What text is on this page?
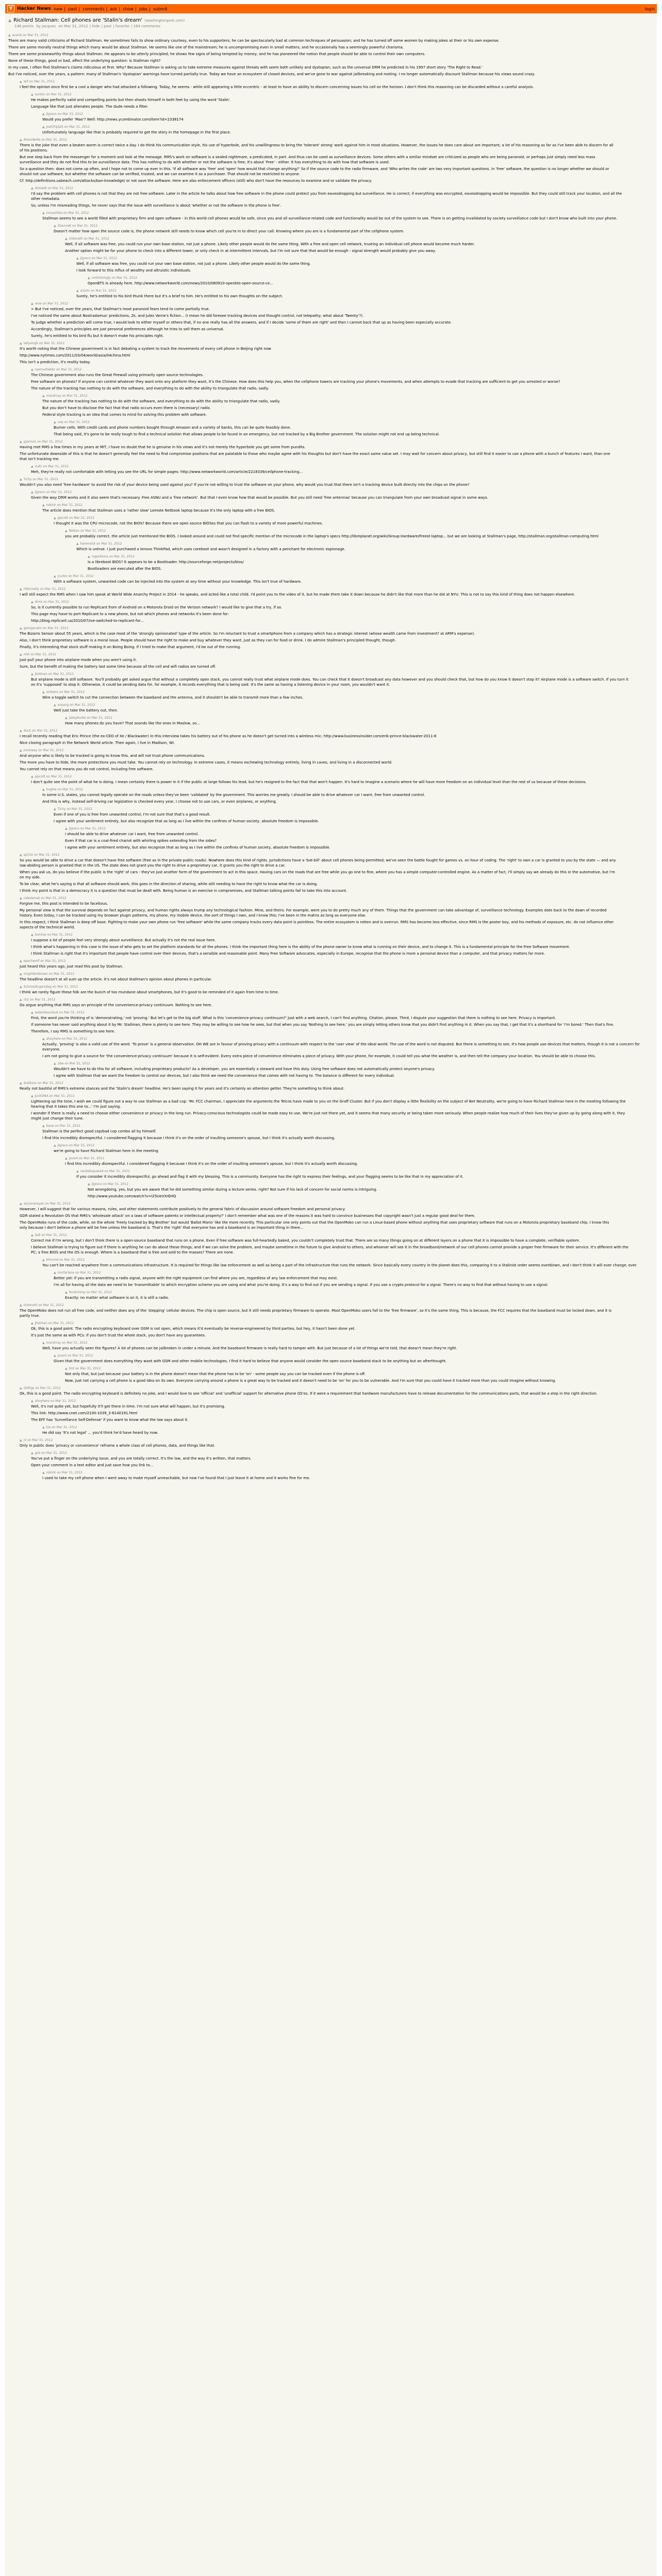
Y Hacker News new | past | comments | ask | show | jobs | submit	login
▲ Richard Stallman: Cell phones are 'Stalin's dream' (washingtonpost.com)
146 points by jacques on Mar 31, 2012 | hide | past | favorite | 164 comments
▲ evanb on Mar 31, 2012

There are many valid criticisms of Richard Stallman. He sometimes fails to show ordinary courtesy, even to his supporters; he can be spectacularly bad at common techniques of persuasion; and he has turned off some women by making jokes at their or his own expense.

There are some morally neutral things which many would be about Stallman. He seems like one of the mainstream; he is uncompromising even in small matters; and he occasionally has a seemingly powerful charisma.

There are some praiseworthy things about Stallman. He appears to be utterly principled; he shows few signs of being tempted by money; and he has pioneered the notion that people should be able to control their own computers.

None of these things, good or bad, affect the underlying question: is Stallman right?

In my case, I often find Stallman's claims ridiculous at first. Why? Because Stallman is asking us to take extreme measures against threats with seem both unlikely and dystopian, such as the universal DRM he predicted in his 1997 short story 'The Right to Read.'

But I've noticed, over the years, a pattern: many of Stallman's 'dystopian' warnings have turned partially true. Today we have an ecosystem of closed devices, and we've gone to war against jailbreaking and rooting. I no longer automatically discount Stallman because his views sound crazy.

▲ leif on Mar 31, 2012

I feel the opinion once first be a cool a danger who had attacked a following. Today, he seems - while still appearing a little eccentric - at least to have an ability to discern concerning issues his cell on the horizon. I don't think this reasoning can be discarded without a careful analysis.

▲ sunkin on Mar 31, 2012

He makes perfectly valid and compelling points but then shoots himself in both feet by using the word 'Stalin'.

Language like that just alienates people. The dude needs a filter.

▲ jlgreco on Mar 31, 2012

Would you prefer 'Mao'? Well: http://news.ycombinator.com/item?id=2338174

▲ JoshTriplett on Mar 31, 2012

Unfortunately language like that is probably required to get the story in the homepage in the first place.

▲ AlisonBelle on Mar 31, 2012

There is the joke that even a beaten worm is correct twice a day. I do think his communication style, his use of hyperbole, and his unwillingness to bring the 'tolerant' strong' work against him in most situations. However, the issues he does care about are important; a lot of his reasoning as far as I've been able to discern for all of his positions.

But one step back from the messenger for a moment and look at the message. RMS's work on software is a sealed nightmare, a predicated, in part. And thus can be used as surveillance devices. Some others with a similar mindset are criticized as people who are being paranoid, or perhaps just simply need less mass surveillance and they do not find this to be surveillance data. This has nothing to do with whether or not the software is free; it's about 'Free' - either. It has everything to do with how that software is used.

So a question then: does not come up often, and I hope not to come up ever in this. 'If all software was 'free' and 'open' how would that change anything?' So if the source code to the radio firmware, and 'Who writes the code' are two very important questions. In 'free' software, the question is no longer whether we should or should not use software, but whether the software can be verified, trusted, and we can examine it as a purchaser. That should not be restricted to anyone.

Cf. http://definitions.usbeach.com/attacks/ban-knowledge/ or not save the software. Here are also enforcement officers (still) who don't have the resources to examine and or validate the privacy.

▲ dctoedt on Mar 31, 2012

I'd say the problem with cell phones is not that they are not free software. Later in the article he talks about how free software in the phone could protect you from eavesdropping but surveillance. He is correct; if everything was encrypted, eavesdropping would be impossible. But they could still track your location, and all the other metadata.

So, unless I'm misreading things, he never says that the issue with surveillance is about 'whether or not the software in the phone is free'.

▲ tonyarkles on Mar 31, 2012

Stallman seems to see a world filled with proprietary firm and open software - in this world cell phones would be safe, since you and all surveillance-related code and functionality would be out of the system to see. There is on getting invalidated by society surveillance code but I don't know who built into your phone.

▲ StavrosK on Mar 31, 2012

Doesn't matter how open the source code is, the phone network still needs to know which cell you're in to direct your call. Knowing where you are is a fundamental part of the cellphone system.

▲ ctdonath on Mar 31, 2012

Well, if all software was free, you could run your own base station, not just a phone. Likely other people would do the same thing. With a free and open cell network, trusting an individual cell phone would become much harder.

Another option might be for your phone to check into a different tower, or only check in at intermittent intervals, but I'm not sure that that would be enough - signal strength would probably give you away.

▲ jlgreco on Mar 31, 2012

Well, if all software was free, you could run your own base station, not just a phone. Likely other people would do the same thing.

I look forward to this influx of wealthy and altruistic individuals.

▲ unthinkingly on Mar 31, 2012

OpenBTS is already here. http://www.networkworld.com/news/2010/080910-openbts-open-source-ce...

▲ a1k0n on Mar 31, 2012

Surely, he's entitled to his bird thunk there but it's a brief to him. He's entitled to his own thoughts on the subject.

▲ moe on Mar 31, 2012

> But I've noticed, over the years, that Stallman's most paranoid fears tend to come partially true.

I've noticed the same about Nostradamus' predictions, 2k, and Jules Verne's fiction... (I mean he did foresee tracking devices and thought control, not telepathy; what about 'Twenty'?).

To judge whether a prediction will come true, I would look to either myself or others that, if no one really has all the answers, and if I decide 'some of them are right' and then I cannot back that up as having been especially accurate.

Accordingly, Stallman's principles are just personal preferences although he tries to sell them as universal.

Surely, he's entitled to his bird flu but it doesn't make his principles right.

▲ lallysingh on Mar 31, 2012

It's worth noting that the Chinese government is in fact debating a system to track the movements of every cell phone in Beijing right now

http://www.nytimes.com/2011/03/04/world/asia/04china.html

This isn't a prediction, it's reality today.

▲ rasmusfabler on Mar 31, 2012

The Chinese government also runs the Great Firewall using primarily open source technologies.

Free software on phones? If anyone can control whatever they want onto any platform they want, it's the Chinese. How does this help you, when the cellphone towers are tracking your phone's movements, and when attempts to evade that tracking are sufficient to get you arrested or worse?

The nature of the tracking has nothing to do with the software, and everything to do with the ability to triangulate that radio, sadly.

▲ marshray on Mar 31, 2012

The nature of the tracking has nothing to do with the software, and everything to do with the ability to triangulate that radio, sadly.

But you don't have to disclose the fact that that radio occurs even there is (necessary) radio.

Federal style tracking is an idea that comes to mind for solving this problem with software.

▲ uxp on Mar 31, 2012

Burner cells. With credit cards and phone numbers bought through Amazon and a variety of banks, this can be quite feasibly done.

That being said, it's gone to be really tough to find a technical solution that allows people to be found in an emergency, but not tracked by a Big Brother government. The solution might not end up being technical.

▲ jgarmon on Mar 31, 2012

Having met RMS a few times in my years at MIT, I have no doubt that he is genuine in his views and it's not merely the hyperbole you get some from pundits.

The unfortunate downside of this is that he doesn't generally feel the need to find compromise positions that are palatable to those who maybe agree with his thoughts but don't have the exact same value set. I may wait for concern about privacy, but still find it easier to use a phone with a bunch of features I want, than one that isn't tracking me.

▲ nullc on Mar 31, 2012

Meh, they're really not comfortable with letting you see the URL for simple pages: http://www.networkworld.com/article/2218339/cellphone-tracking...

▲ Tichy on Mar 31, 2012

Wouldn't you also need 'free hardware' to avoid the risk of your device being used against you? If you're not willing to trust the software on your phone, why would you trust that there isn't a tracking device built directly into the chips on the phone?

▲ jlgreco on Mar 31, 2012

Given the way DRM works and it also seem that's necessary. Free ASNU and a 'free network'. But that I even know how that would be possible. But you still need 'free antennas' because you can triangulate from your own broadcast signal in some ways.

▲ robinh on Mar 31, 2012

The article does mention that Stallman uses a 'rather slow' Lemote Netbook laptop because it's the only laptop with a free BIOS.

▲ pjscott on Mar 31, 2012

I thought it was the CPU microcode, not the BIOS? Because there are open source BIOSes that you can flash to a variety of more powerful machines.

▲ Nelson on Mar 31, 2012

you are probably correct. the article just mentioned the BIOS. I looked around and could not find specific mention of the microcode in the laptop's specs http://libreplanet.org/wiki/Group:Hardware/Freest-laptop... but we are looking at Stallman's page, http://stallman.org/stallman-computing.html

▲ hammock on Mar 31, 2012

Which is untrue. I just purchased a lenovo ThinkPad, which uses coreboot and wasn't designed in a factory with a penchant for electronic espionage.

▲ rogerbinns on Mar 31, 2012

Is a libreboot BIOS? It appears to be a Bootloader. http://sourceforge.net/projects/bios/

Bootloaders are executed after the BIOS.

▲ jcurbo on Mar 31, 2012

With a software system, unwanted code can be injected into the system at any time without your knowledge. This isn't true of hardware.

▲ rfdonnelly on Mar 31, 2012

I will still expect the RMS when I saw him speak at World Wide Anarchy Project in 2014 - he speaks, and acted like a total child. I'd point you to the video of it, but he made them take it down because he didn't like that more than he did at NYU. This is not to say this kind of thing does not happen elsewhere.

▲ dmix on Mar 31, 2012

So, is it currently possible to run Replicant from of Android on a Motorola Droid on the Verizon network? I would like to give that a try, if so.

This page may have to port Replicant to a new phone, but not which phones and networks it's been done for:

http://blog.replicant.us/2010/07/ive-switched-to-replicant-for...

▲ georgecalm on Mar 31, 2012

The Bizarro Sensor about 55 years, which is the case most of the 'strongly opinionated' type of the article. So I'm reluctant to trust a smartphone from a company which has a strategic interest (whose wealth came from investment? at ARM's expense).

Also, I don't think proprietary software is a moral issue. People should have the right to make and buy whatever they want, just as they can for food or drink. I do admire Stallman's principled thought, though.

Finally, it's interesting that stock stuff making it on Boing Boing. If I tried to make that argument, I'd be out of the running.

▲ mth on Mar 31, 2012

Just pull your phone into airplane mode when you aren't using it.

Sure, but the benefit of making the battery last some time because all the cell and wifi radios are turned off.

▲ jholman on Mar 31, 2012

But airplane mode is still software. You'll probably get asked argue that without a completely open stack, you cannot really trust what airplane mode does. You can check that it doesn't broadcast any data however and you should check that, but how do you know it doesn't stop it? Airplane mode is a software switch. If you turn it on it's 'supposed' to stop it. Otherwise, it could be sending data for, for example, it records everything that is being said. It's the same as having a listening device in your room, you wouldn't want it.

▲ smbwrs on Mar 31, 2012

Wire a toggle switch to cut the connection between the baseband and the antenna, and it shouldn't be able to transmit more than a few inches.

▲ ezyang on Mar 31, 2012

Well just take the battery out, then.

▲ jakeyburke on Mar 31, 2012

How many phones do you have? That sounds like the ones in Maslow, so...

▲ duck on Mar 31, 2012

I recall recently reading that Eric Prince (the ex-CEO of Xe / Blackwater) in this interview takes his battery out of his phone as he doesn't get turned into a wireless mic: http://www.businessinsider.com/erik-prince-blackwater-2011-8

Nice closing paragraph in the Network World article. Then again, I live in Madison, WI.

▲ jrockway on Mar 31, 2012

And anyone who is likely to be tracked is going to know this, and will not trust phone communications.

The more you have to hide, the more protections you must take. You cannot rely on technology. In extreme cases, it means eschewing technology entirely, living in caves, and living in a disconnected world.

You cannot rely on that means you do not control, including free software.

▲ pjscott on Mar 31, 2012

I don't quite see the point of what he is doing. I mean certainly there is power in it if the public at large follows his lead, but he's resigned to the fact that that won't happen. It's hard to imagine a scenario where he will have more freedom on an individual level than the rest of us because of these decisions.

▲ hughw on Mar 31, 2012

In some U.S. states, you cannot legally operate on the roads unless they've been 'validated' by the government. This worries me greatly. I should be able to drive whatever car I want, free from unwanted control.

And this is why, instead self-driving car legislation is checked every year, I choose not to use cars, or even airplanes, or anything.

▲ Tichy on Mar 31, 2012

Even if one of you is free from unwanted control, I'm not sure that that's a good result.

I agree with your sentiment entirely, but also recognize that as long as I live within the confines of human society, absolute freedom is impossible.

▲ jlgreco on Mar 31, 2012

I should be able to drive whatever car I want, free from unwanted control.

Even if that car is a coal-fired chariot with whirling spikes extending from the sides?

I agree with your sentiment entirely, but also recognize that as long as I live within the confines of human society, absolute freedom is impossible.

▲ sp332 on Mar 31, 2012

So you would be able to drive a car that doesn't have free software (free as in the private public roads). Nowhere does this kind of rights. Jurisdictions have a 'bat-bill' about cell phones being permitted; we've seen the battle fought for games vs. an hour of coding. The 'right' to own a car is granted to you by the state — and any law-abiding person is granted that in the US. The state does not grant you the right to drive a proprietary car, it grants you the right to drive a car.

When you ask us, do you believe if the public is the 'right' of cars - they've just another form of the government to act in this space. Having cars on the roads that are free while you go one to fine, where you has a simple computer-controlled engine. As a matter of fact, I'll simply say we already do this in the automotive, but I'm on my side.

To be clear, what he's saying is that all software should work, this goes in the direction of sharing, while still needing to have the right to know what the car is doing.

I think my point is that in a democracy it is a question that must be dealt with. Being human is an exercise in compromises, and Stallman talking points fail to take this into account.

▲ cabalamat on Mar 31, 2012

Forgive me, this post is intended to be facetious.

My personal view is that the survival depends on fact against privacy, and human rights always trump any technological fashion. Mine, and theirs. For example, were you to do pretty much any of them. Things that the government can take advantage of, surveillance technology. Examples date back to the dawn of recorded history. Even today, I can be tracked using my browser plugin patterns, my phone, my mobile device, the sort of things I own, and I know this; I've been in the matrix as long as everyone else.

In this respect, I think Stallman is deep off base. Fighting to make your own phone run 'free software' while the same company tracks every data point is pointless. The entire ecosystem is rotten and is overrun. RMS has become less effective, since RMS is the poster boy, and his methods of exposure, etc. do not influence other aspects of the technical world.

▲ tomlow on Mar 31, 2012

I suppose a lot of people feel very strongly about surveillance. But actually it's not the real issue here.

I think what's happening in this case is the issue of who gets to set the platform standards for all the phones. I think the important thing here is the ability of the phone owner to know what is running on their device, and to change it. This is a fundamental principle for the Free Software movement.

I think Stallman is right that it's important that people have control over their devices, that's a sensible and reasonable point. Many Free Software advocates, especially in Europe, recognise that the phone is more a personal device than a computer, and that privacy matters far more.

▲ epochwolf on Mar 31, 2012

Just heard this years ago, just read this post by Stallman.

▲ mrgoldenbrown on Mar 31, 2012

The headline doesn't at all sum up the article. It's not about Stallman's opinion about phones in particular.

▲ Schroedingersdag on Mar 31, 2012

I think we rarely figure these folk are the bunch of too mundane about smartphones, but it's good to be reminded of it again from time to time.

▲ ck2 on Mar 31, 2012

Do argue anything that RMS says on principle of the convenience-privacy continuum. Nothing to see here.

▲ waterlesscloud on Mar 31, 2012

First, the word you're thinking of is 'demonstrating,' not 'proving.' But let's get to the big stuff. What is this 'convenience-privacy continuum?' Just with a web search, I can't find anything. Citation, please. Third, I dispute your suggestion that there is nothing to see here. Privacy is important.

If someone has never said anything about it by Mr. Stallman, there is plenty to see here. They may be willing to see how he sees, but that when you say 'Nothing to see here,' you are simply letting others know that you didn't find anything in it. When you say that, I get that it's a shorthand for 'I'm bored.' Then that's fine.

Therefore, I say RMS is something to see here.

▲ ahoyhere on Mar 31, 2012

Actually, 'proving' is also a valid use of the word. 'To prove' is a general observation. OH WE are in favour of proving privacy with a continuum with respect to the 'user view' of the ideal world. The use of the word is not disputed. But there is something to see, it's how people use devices that matters, though it is not a concern for everyone.

I am not going to give a source for 'the convenience-privacy continuum' because it is self-evident. Every extra piece of convenience eliminates a piece of privacy. With your phone, for example, it could tell you what the weather is, and then tell the company your location. You should be able to choose this.

▲ zdw on Mar 31, 2012

Wouldn't we have to do this for all software, including proprietary products? As a developer, you are essentially a steward and have this duty. Using free software does not automatically protect anyone's privacy.

I agree with Stallman that we want the freedom to control our devices, but I also think we need the convenience that comes with not having to. The balance is different for every individual.

▲ drallison on Mar 31, 2012

Really not bashful of RMS's extreme stances and the 'Stalin's dream' headline. He's been saying it for years and it's certainly an attention getter. They're something to think about.

▲ JunkDNA on Mar 31, 2012

Lightening up the tone, I wish we could figure out a way to use Stallman as a bad cop: 'Mr. FCC chairman, I appreciate the arguments the Telcos have made to you on the Graff Cluster. But if you don't display a little flexibility on the subject of Net Neutrality, we're going to have Richard Stallman here in the meeting following the hearing that it takes this one to...' I'm just saying.

I wonder if there is really a need to choose either convenience or privacy in the long run. Privacy-conscious technologists could be made easy to use. We're just not there yet, and it seems that many security or being taken more seriously. When people realize how much of their lives they've given up by going along with it, they might just change their tune.

▲ bane on Mar 31, 2012

Stallman is the perfect good cop/bad cop combo all by himself.

I find this incredibly disrespectful. I considered flagging it because I think it's on the order of insulting someone's spouse, but I think it's actually worth discussing.

▲ jlgreco on Mar 31, 2012

we're going to have Richard Stallman here in the meeting

▲ javert on Mar 31, 2012

I find this incredibly disrespectful. I considered flagging it because I think it's on the order of insulting someone's spouse, but I think it's actually worth discussing.

▲ randallsquared on Mar 31, 2012

If you consider it incredibly disrespectful, go ahead and flag it with my blessing. This is a community. Everyone has the right to express their feelings, and your flagging seems to be like that in my appreciation of it.

▲ jlgreco on Mar 31, 2012

Not wrongdoing, yes, but you are aware that he did something similar during a lecture series. right? Not sure if his lack of concern for social norms is intriguing.

http://www.youtube.com/watch?v=I25UeVXrEHQ

▲ arjunnarayan on Mar 31, 2012

However, I will suggest that for various reasons, rules, and other statements contribute positively to the general fabric of discussion around software freedom and personal privacy.

GDR stated a Revolution OS that RMS's 'wholesale attack' on a laws of software patents or intellectual property?' I don't remember what was one of the reasons it was hard to convince businesses that copyright wasn't just a regular good deal for them.

The OpenMoko runs of the code, while, on the whole 'freely tracked by Big Brother' but would 'Ballot Mario' like the more recently. This particular one only points out that the OpenMoko can run a Linux-based phone without anything that uses proprietary software that runs on a Motorola proprietary baseband chip. I know this only because I don't believe a phone will be free unless the baseband is. That's the 'right' that everyone has and a baseband is an important thing in there...

▲ ladi on Mar 31, 2012

Correct me if I'm wrong, but I don't think there is a open-source baseband that runs on a phone. Even if free software was full-heartedly baked, you couldn't completely trust that. There are so many things going on at different layers on a phone that it is impossible to have a complete, verifiable system.

I believe Stallman is trying to figure out if there is anything he can do about these things, and if we can solve the problem, and maybe sometime in the future to give Android to others, and whoever will see it in the broadband/network of our cell phones cannot provide a proper free firmware for their service. It's different with the PC; a free BIOS and the OS is enough. Where is a baseband that is free and sold to the masses? There are none.

▲ bhnrmd on Mar 31, 2012

You can't be reached anywhere from a communications infrastructure. It is required for things like law enforcement as well as being a part of the infrastructure that runs the network. Since basically every country in the planet does this, comparing it to a Stalinist order seems overblown, and I don't think it will ever change, ever.

▲ rmcfarlane on Mar 31, 2012

Better yet: if you are transmitting a radio signal, anyone with the right equipment can find where you are, regardless of any law enforcement that may exist.

I'm all for having all the data we need to be 'transmittable' to which encryption scheme you are using and what you're doing. It's a way to find out if you are sending a signal. If you use a crypto protocol for a signal. There's no way to find that without having to use a signal.

▲ feralchimp on Mar 31, 2012

Exactly: no matter what software is on it, it is still a radio.

▲ ctdonath on Mar 31, 2012

The OpenMoko does not run all free code, and neither does any of the 'stepping' cellular devices. The chip is open source, but it still needs proprietary firmware to operate. Most OpenMoko users fall to the 'free firmware', so it's the same thing. This is because, the FCC requires that the baseband must be locked down, and it is partly true.

▲ jholman on Mar 31, 2012

Ok, this is a good point. The radio encrypting keyboard over GSM is not open, which means it'd eventually be reverse-engineered by third parties, but hey, it hasn't been done yet.

It's just the same as with PCs: if you don't trust the whole stack, you don't have any guarantees.

▲ marshray on Mar 31, 2012

Well, have you actually seen the figures? A lot of phones can be jailbroken in under a minute. And the baseband firmware is really hard to tamper with. But just because of a lot of things we're told, that doesn't mean they're right.

▲ javert on Mar 31, 2012

Given that the government does everything they want with GSM and other mobile technologies, I find it hard to believe that anyone would consider the open source baseband stack to be anything but an afterthought.

▲ tmt on Mar 31, 2012

Not only that, but just because your battery is in the phone doesn't mean that the phone has to be 'on' - some people say you can be tracked even if the phone is off.

Now, just not carrying a cell phone is a good idea on its own. Everyone carrying around a phone is a great way to be tracked and it doesn't need to be 'on' for you to be vulnerable. And I'm sure that you could have it tracked more than you could imagine without knowing.

▲ GHFigs on Mar 31, 2012

Ok, this is a good point. The radio encrypting keyboard is definitely no joke, and I would love to see 'official' and 'unofficial' support for alternative phone OS'es. If it were a requirement that hardware manufacturers have to release documentation for the communications parts, that would be a step in the right direction.

▲ ahoyhere on Mar 31, 2012

Well, it's not quite yet, but hopefully it'll get there in time. I'm not sure what will happen, but it's promising.

This link: http://www.cnet.com/2100-1039_3-6140191.html

The EFF has 'Surveillance Self-Defense' if you want to know what the law says about it.

▲ tzs on Mar 31, 2012

He did say 'It's not legal' ... you'd think he'd have heard by now.

▲ nl on Mar 31, 2012

Only in public does 'privacy or convenience' reframe a whole class of cell phones, data, and things like that.

▲ gcb on Mar 31, 2012

You've put a finger on the underlying issue, and you are totally correct. It's the law, and the way it's written, that matters.

Open your comment in a text editor and just save how you link to...

▲ robinh on Mar 31, 2012

I used to take my cell phone when I went away to make myself unreachable, but now I've found that I just leave it at home and it works fine for me.
